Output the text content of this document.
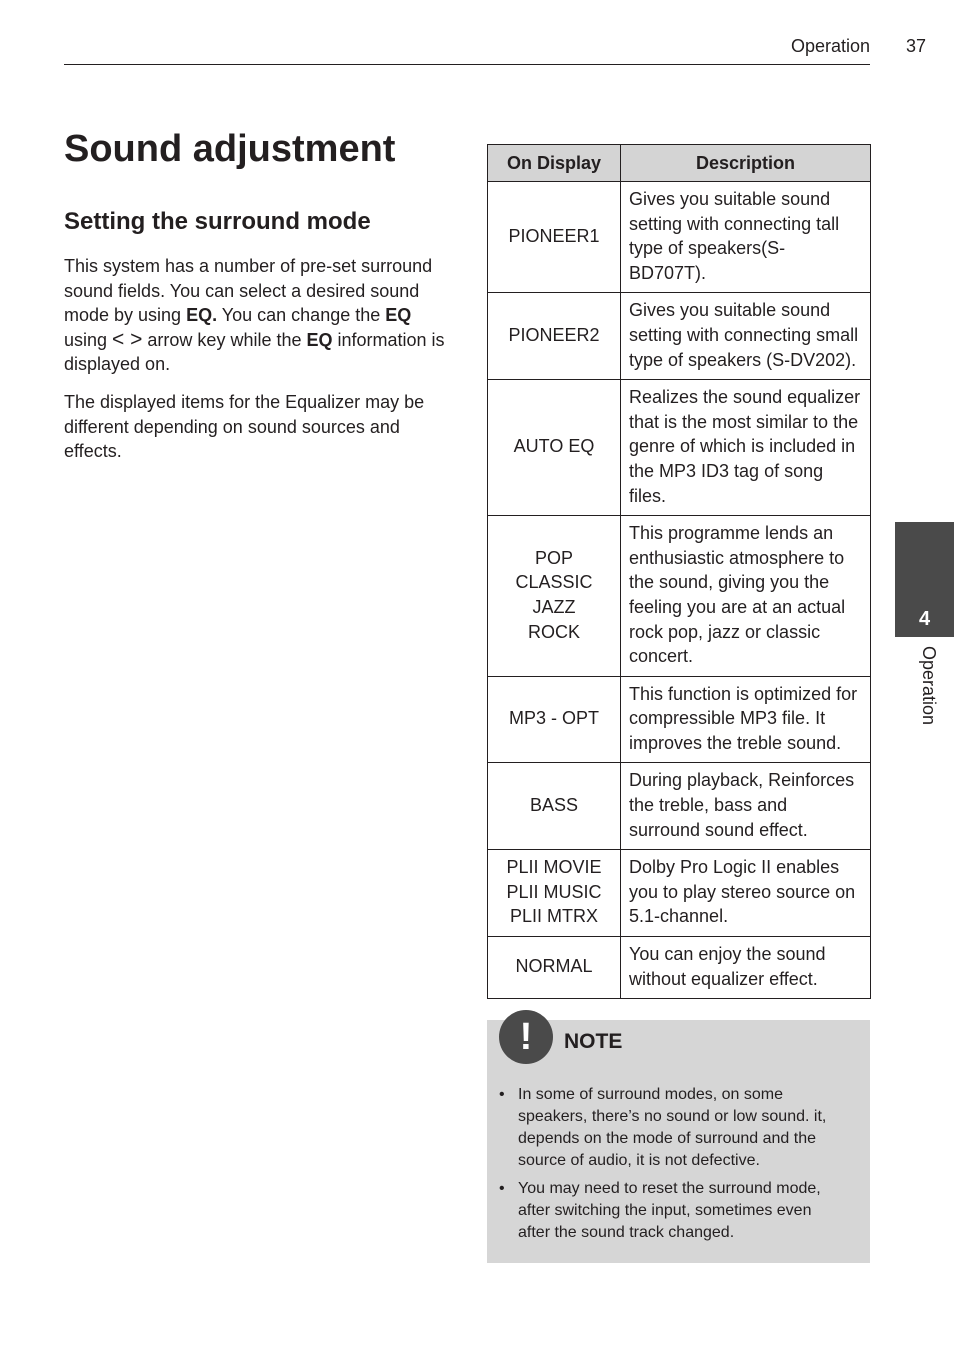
Operation 37
Sound adjustment
Setting the surround mode

This system has a number of pre-set surround sound fields. You can select a desired sound mode by using EQ. You can change the EQ
using < > arrow key while the EQ information is displayed on.

The displayed items for the Equalizer may be different depending on sound sources and effects.

On Display	Description

PIONEER1	Gives you suitable sound setting with connecting tall type of speakers(S-BD707T).

PIONEER2	Gives you suitable sound setting with connecting small type of speakers (S-DV202).

AUTO EQ	Realizes the sound equalizer that is the most similar to the genre of which is included in the MP3 ID3 tag of song files.

POP
CLASSIC
JAZZ
ROCK	This programme lends an enthusiastic atmosphere to the sound, giving you the feeling you are at an actual rock pop, jazz or classic concert.

MP3 - OPT	This function is optimized for compressible MP3 file. It improves the treble sound.

BASS	During playback, Reinforces the treble, bass and surround sound effect.

PLII MOVIE
PLII MUSIC
PLII MTRX	Dolby Pro Logic II enables you to play stereo source on 5.1-channel.

NORMAL	You can enjoy the sound without equalizer effect.
!	NOTE
• In some of surround modes, on some speakers, there’s no sound or low sound. it, depends on the mode of surround and the source of audio, it is not defective.
• You may need to reset the surround mode, after switching the input, sometimes even after the sound track changed.
4
Operation
